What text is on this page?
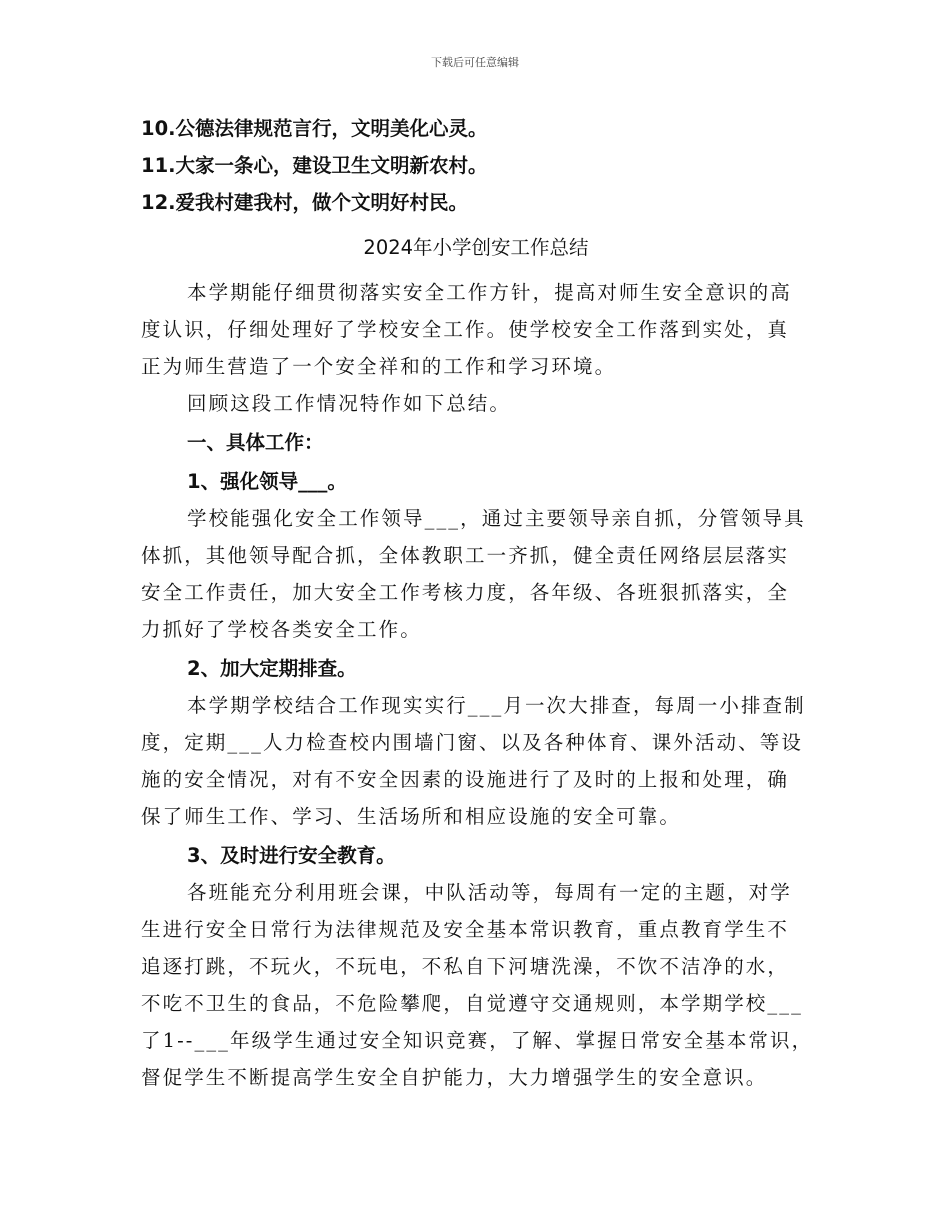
下载后可任意编辑
10.公德法律规范言行，文明美化心灵。
11.大家一条心，建设卫生文明新农村。
12.爱我村建我村，做个文明好村民。
2024年小学创安工作总结
本学期能仔细贯彻落实安全工作方针，提高对师生安全意识的高
度认识，仔细处理好了学校安全工作。使学校安全工作落到实处，真
正为师生营造了一个安全祥和的工作和学习环境。
回顾这段工作情况特作如下总结。
一、具体工作：
1、强化领导___。
学校能强化安全工作领导___，通过主要领导亲自抓，分管领导具
体抓，其他领导配合抓，全体教职工一齐抓，健全责任网络层层落实
安全工作责任，加大安全工作考核力度，各年级、各班狠抓落实，全
力抓好了学校各类安全工作。
2、加大定期排查。
本学期学校结合工作现实实行___月一次大排查，每周一小排查制
度，定期___人力检查校内围墙门窗、以及各种体育、课外活动、等设
施的安全情况，对有不安全因素的设施进行了及时的上报和处理，确
保了师生工作、学习、生活场所和相应设施的安全可靠。
3、及时进行安全教育。
各班能充分利用班会课，中队活动等，每周有一定的主题，对学
生进行安全日常行为法律规范及安全基本常识教育，重点教育学生不
追逐打跳，不玩火，不玩电，不私自下河塘洗澡，不饮不洁净的水，
不吃不卫生的食品，不危险攀爬，自觉遵守交通规则，本学期学校___
了1--___年级学生通过安全知识竞赛，了解、掌握日常安全基本常识，
督促学生不断提高学生安全自护能力，大力增强学生的安全意识。
